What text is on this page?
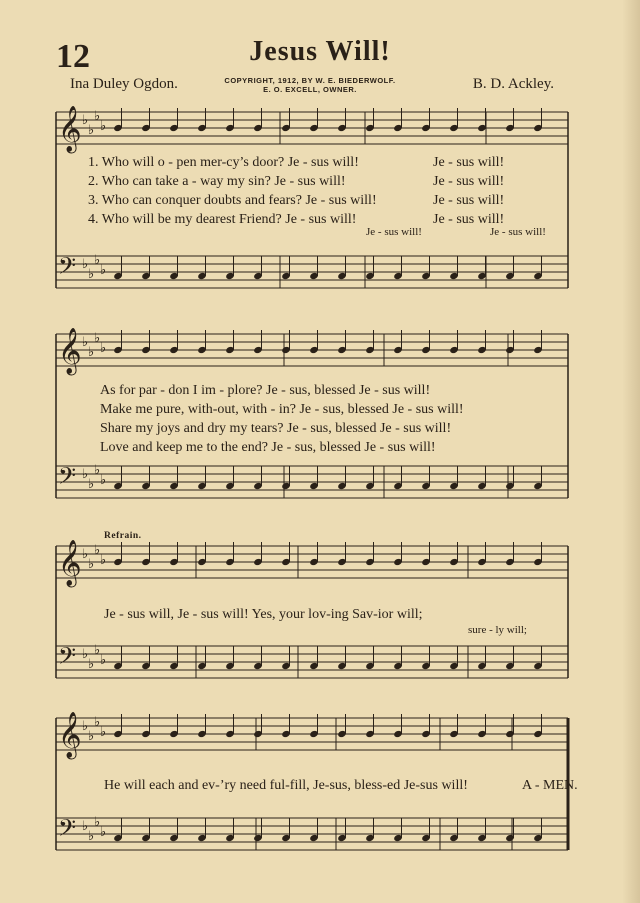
12	Jesus Will!
Ina Duley Ogdon.	COPYRIGHT, 1912, BY W. E. BIEDERWOLF.
E. O. EXCELL, OWNER.	B. D. Ackley.
𝄞 ♭
♭
♭
♭
𝄢 ♭
♭
♭
♭
𝄞 ♭
♭
♭
♭
𝄢 ♭
♭
♭
♭
𝄞 ♭
♭
♭
♭
𝄢 ♭
♭
♭
♭
𝄞 ♭
♭
♭
♭
𝄢 ♭
♭
♭
♭
1. Who will o - pen mer-cy’s door? Je - sus will!	Je - sus will!
2. Who can take a - way my sin? Je - sus will!	Je - sus will!
3. Who can conquer doubts and fears? Je - sus will!	Je - sus will!
4. Who will be my dearest Friend? Je - sus will!	Je - sus will!
Je - sus will!	Je - sus will!
As for par - don I im - plore? Je - sus, blessed Je - sus will!
Make me pure, with-out, with - in? Je - sus, blessed Je - sus will!
Share my joys and dry my tears? Je - sus, blessed Je - sus will!
Love and keep me to the end? Je - sus, blessed Je - sus will!
Refrain.
Je - sus will, Je - sus will! Yes, your lov-ing Sav-ior will;
sure - ly will;
He will each and ev-’ry need ful-fill, Je-sus, bless-ed Je-sus will!	A - MEN.
